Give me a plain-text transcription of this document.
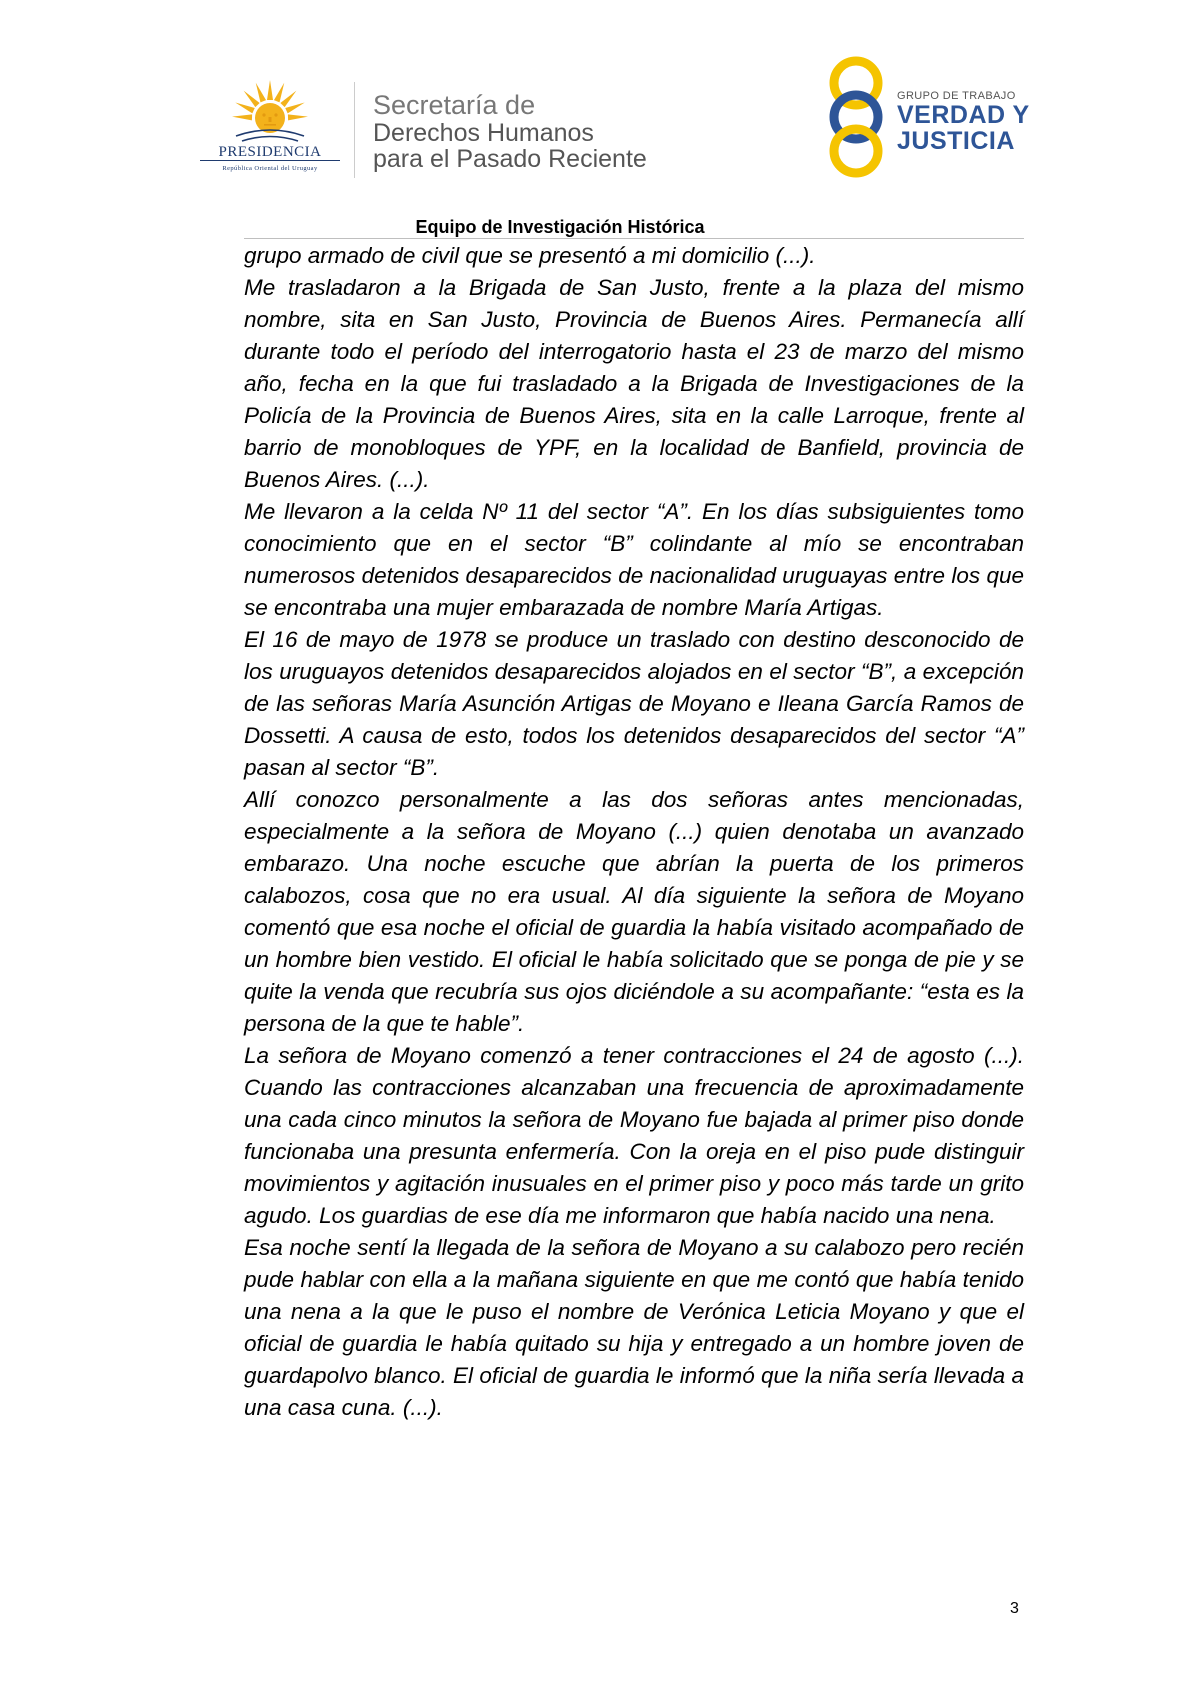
PRESIDENCIA
República Oriental del Uruguay
Secretaría de
Derechos Humanos
para el Pasado Reciente
GRUPO DE TRABAJO
VERDAD Y
JUSTICIA
Equipo de Investigación Histórica

grupo armado de civil que se presentó a mi domicilio (...).

Me trasladaron a la Brigada de San Justo, frente a la plaza del mismo nombre, sita en San Justo, Provincia de Buenos Aires. Permanecía allí durante todo el período del interrogatorio hasta el 23 de marzo del mismo año, fecha en la que fui trasladado a la Brigada de Investigaciones de la Policía de la Provincia de Buenos Aires, sita en la calle Larroque, frente al barrio de monobloques de YPF, en la localidad de Banfield, provincia de Buenos Aires. (...).

Me llevaron a la celda Nº 11 del sector “A”. En los días subsiguientes tomo conocimiento que en el sector “B” colindante al mío se encontraban numerosos detenidos desaparecidos de nacionalidad uruguayas entre los que se encontraba una mujer embarazada de nombre María Artigas.

El 16 de mayo de 1978 se produce un traslado con destino desconocido de los uruguayos detenidos desaparecidos alojados en el sector “B”, a excepción de las señoras María Asunción Artigas de Moyano e Ileana García Ramos de Dossetti. A causa de esto, todos los detenidos desaparecidos del sector “A” pasan al sector “B”.

Allí conozco personalmente a las dos señoras antes mencionadas, especialmente a la señora de Moyano (...) quien denotaba un avanzado embarazo. Una noche escuche que abrían la puerta de los primeros calabozos, cosa que no era usual. Al día siguiente la señora de Moyano comentó que esa noche el oficial de guardia la había visitado acompañado de un hombre bien vestido. El oficial le había solicitado que se ponga de pie y se quite la venda que recubría sus ojos diciéndole a su acompañante: “esta es la persona de la que te hable”.

La señora de Moyano comenzó a tener contracciones el 24 de agosto (...). Cuando las contracciones alcanzaban una frecuencia de aproximadamente una cada cinco minutos la señora de Moyano fue bajada al primer piso donde funcionaba una presunta enfermería. Con la oreja en el piso pude distinguir movimientos y agitación inusuales en el primer piso y poco más tarde un grito agudo. Los guardias de ese día me informaron que había nacido una nena.

Esa noche sentí la llegada de la señora de Moyano a su calabozo pero recién pude hablar con ella a la mañana siguiente en que me contó que había tenido una nena a la que le puso el nombre de Verónica Leticia Moyano y que el oficial de guardia le había quitado su hija y entregado a un hombre joven de guardapolvo blanco. El oficial de guardia le informó que la niña sería llevada a una casa cuna. (...).

3
